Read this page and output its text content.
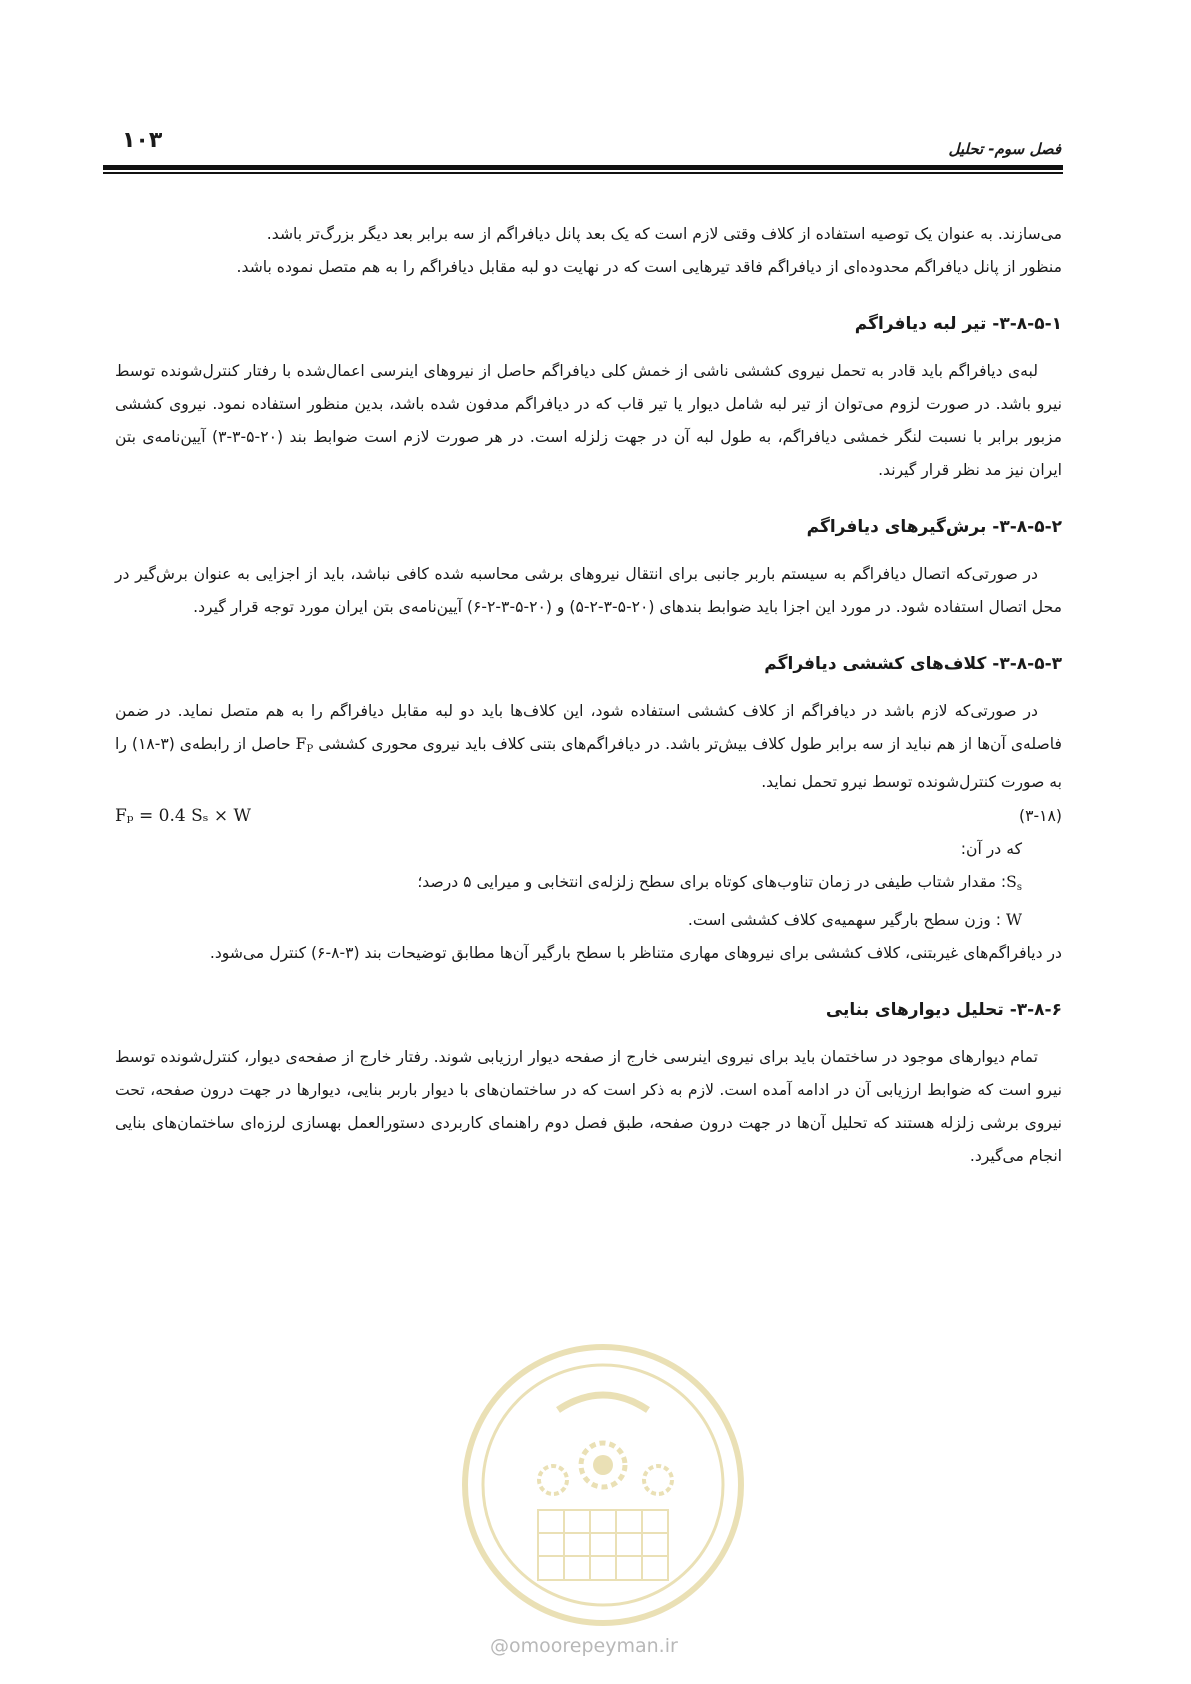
فصل سوم- تحلیل
۱۰۳

می‌سازند. به عنوان یک توصیه استفاده از کلاف وقتی لازم است که یک بعد پانل دیافراگم از سه برابر بعد دیگر بزرگ‌تر باشد.

منظور از پانل دیافراگم محدوده‌ای از دیافراگم فاقد تیرهایی است که در نهایت دو لبه مقابل دیافراگم را به هم متصل نموده باشد.

۳-۸-۵-۱- تیر لبه دیافراگم

لبه‌ی دیافراگم باید قادر به تحمل نیروی کششی ناشی از خمش کلی دیافراگم حاصل از نیروهای اینرسی اعمال‌شده با رفتار کنترل‌شونده توسط نیرو باشد. در صورت لزوم می‌توان از تیر لبه شامل دیوار یا تیر قاب که در دیافراگم مدفون شده باشد، بدین منظور استفاده نمود. نیروی کششی مزبور برابر با نسبت لنگر خمشی دیافراگم، به طول لبه آن در جهت زلزله است. در هر صورت لازم است ضوابط بند (۲۰-۵-۳-۳) آیین‌نامه‌ی بتن ایران نیز مد نظر قرار گیرند.

۳-۸-۵-۲- برش‌گیرهای دیافراگم

در صورتی‌که اتصال دیافراگم به سیستم باربر جانبی برای انتقال نیروهای برشی محاسبه شده کافی نباشد، باید از اجزایی به عنوان برش‌گیر در محل اتصال استفاده شود. در مورد این اجزا باید ضوابط بندهای (۲۰-۵-۳-۲-۵) و (۲۰-۵-۳-۲-۶) آیین‌نامه‌ی بتن ایران مورد توجه قرار گیرد.

۳-۸-۵-۳- کلاف‌های کششی دیافراگم

در صورتی‌که لازم باشد در دیافراگم از کلاف کششی استفاده شود، این کلاف‌ها باید دو لبه مقابل دیافراگم را به هم متصل نماید. در ضمن فاصله‌ی آن‌ها از هم نباید از سه برابر طول کلاف بیش‌تر باشد. در دیافراگم‌های بتنی کلاف باید نیروی محوری کششی $F_P$ حاصل از رابطه‌ی (۳-۱۸) را به صورت کنترل‌شونده توسط نیرو تحمل نماید.

Fₚ = 0.4 Sₛ × W	(۳-۱۸)

که در آن:

$S_s$: مقدار شتاب طیفی در زمان تناوب‌های کوتاه برای سطح زلزله‌ی انتخابی و میرایی ۵ درصد؛

W : وزن سطح بارگیر سهمیه‌ی کلاف کششی است.

در دیافراگم‌های غیربتنی، کلاف کششی برای نیروهای مهاری متناظر با سطح بارگیر آن‌ها مطابق توضیحات بند (۳-۸-۶) کنترل می‌شود.

۳-۸-۶- تحلیل دیوارهای بنایی

تمام دیوارهای موجود در ساختمان باید برای نیروی اینرسی خارج از صفحه دیوار ارزیابی شوند. رفتار خارج از صفحه‌ی دیوار، کنترل‌شونده توسط نیرو است که ضوابط ارزیابی آن در ادامه آمده است. لازم به ذکر است که در ساختمان‌های با دیوار باربر بنایی، دیوارها در جهت درون صفحه، تحت نیروی برشی زلزله هستند که تحلیل آن‌ها در جهت درون صفحه، طبق فصل دوم راهنمای کاربردی دستورالعمل بهسازی لرزه‌ای ساختمان‌های بنایی انجام می‌گیرد.

@omoorepeyman.ir
